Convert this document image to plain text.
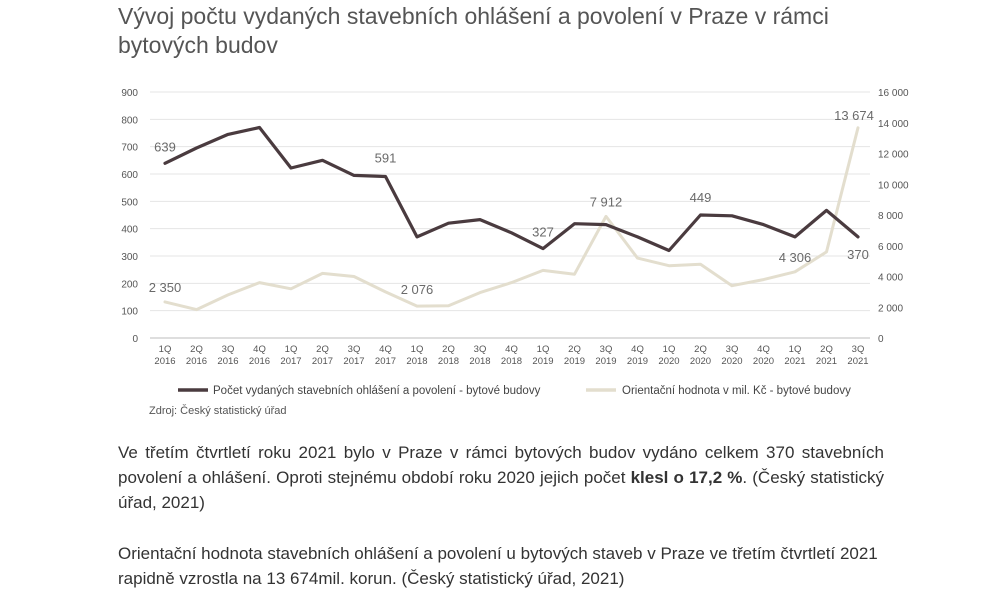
Vývoj počtu vydaných stavebních ohlášení a povolení v Praze v rámci bytových budov
0
100
200
300
400
500
600
700
800
900
0
2 000
4 000
6 000
8 000
10 000
12 000
14 000
16 000
1Q
2016
2Q
2016
3Q
2016
4Q
2016
1Q
2017
2Q
2017
3Q
2017
4Q
2017
1Q
2018
2Q
2018
3Q
2018
4Q
2018
1Q
2019
2Q
2019
3Q
2019
4Q
2019
1Q
2020
2Q
2020
3Q
2020
4Q
2020
1Q
2021
2Q
2021
3Q
2021
639
591
327
449
370
2 350	2 076
7 912
4 306
13 674
Počet vydaných stavebních ohlášení a povolení - bytové budovy	Orientační hodnota v mil. Kč - bytové budovy
Zdroj: Český statistický úřad

Ve třetím čtvrtletí roku 2021 bylo v Praze v rámci bytových budov vydáno celkem 370 stavebních povolení a ohlášení. Oproti stejnému období roku 2020 jejich počet klesl o 17,2 %. (Český statistický úřad, 2021)

Orientační hodnota stavebních ohlášení a povolení u bytových staveb v Praze ve třetím čtvrtletí 2021 rapidně vzrostla na 13 674mil. korun. (Český statistický úřad, 2021)
